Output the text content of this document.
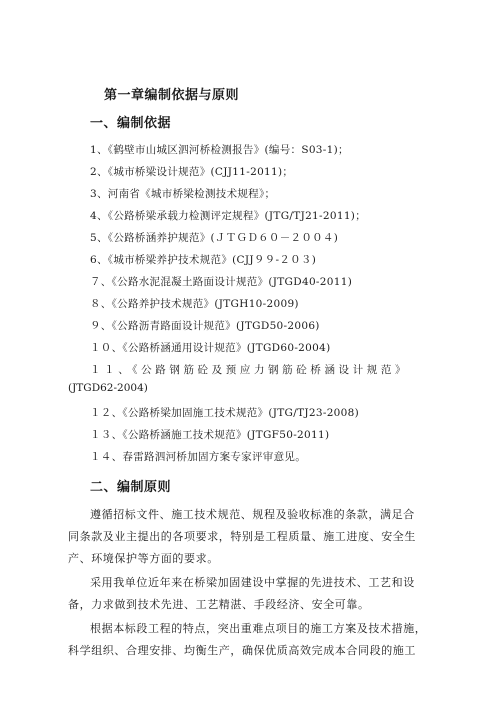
第一章编制依据与原则
一、编制依据
1、《鹤壁市山城区泗河桥检测报告》(编号：S03-1)；
2、《城市桥梁设计规范》(CJJ11-2011)；
3、河南省《城市桥梁检测技术规程》；
4、《公路桥梁承载力检测评定规程》(JTG/TJ21-2011)；
5、《公路桥涵养护规范》(ＪＴＧＤ６０－２００４)
6、《城市桥梁养护技术规范》(CJJ９９-２０３)
７、《公路水泥混凝土路面设计规范》(JTGD40-2011)
８、《公路养护技术规范》(JTGH10-2009)
９、《公路沥青路面设计规范》(JTGD50-2006)
１０、《公路桥涵通用设计规范》(JTGD60-2004)
１１、《公路钢筋砼及预应力钢筋砼桥涵设计规范》
(JTGD62-2004)
１２、《公路桥梁加固施工技术规范》(JTG/TJ23-2008)
１３、《公路桥涵施工技术规范》(JTGF50-2011)
１４、春雷路泗河桥加固方案专家评审意见。
二、编制原则
遵循招标文件、施工技术规范、规程及验收标准的条款，满足合
同条款及业主提出的各项要求，特别是工程质量、施工进度、安全生
产、环境保护等方面的要求。
采用我单位近年来在桥梁加固建设中掌握的先进技术、工艺和设
备，力求做到技术先进、工艺精湛、手段经济、安全可靠。
根据本标段工程的特点，突出重难点项目的施工方案及技术措施，
科学组织、合理安排、均衡生产，确保优质高效完成本合同段的施工
